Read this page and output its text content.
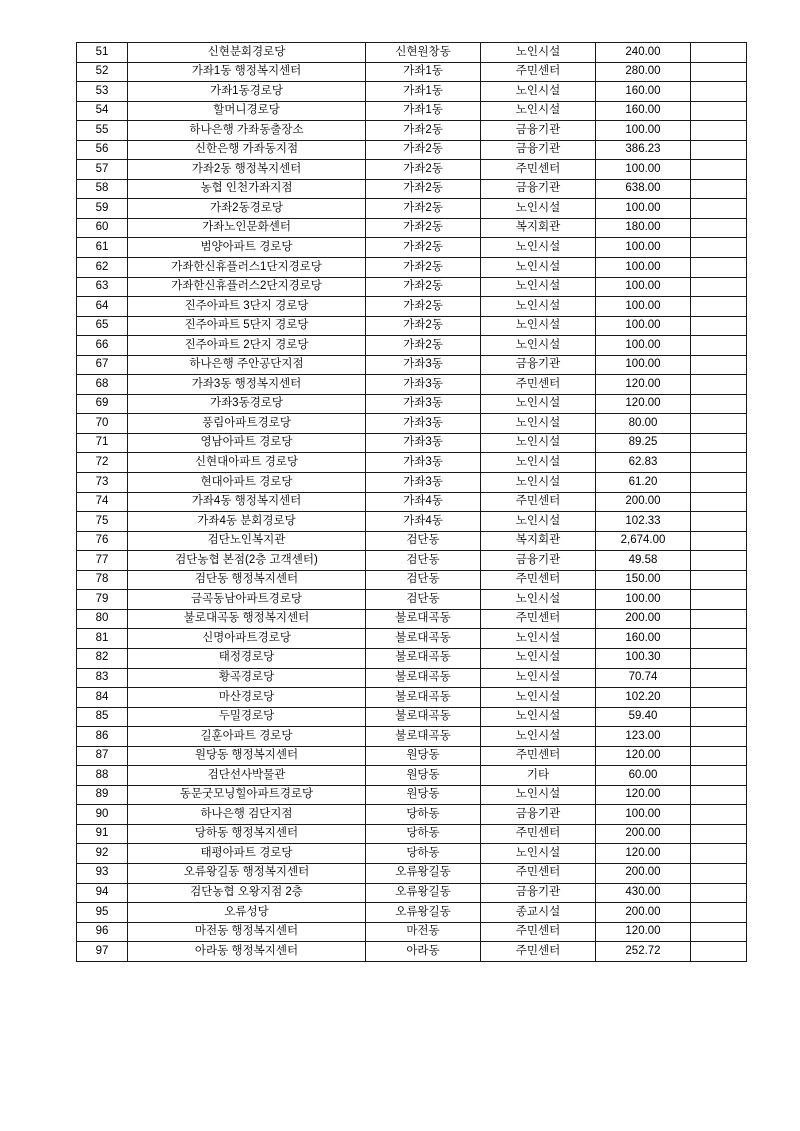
51	신현분회경로당	신현원창동	노인시설	240.00	
52	가좌1동 행정복지센터	가좌1동	주민센터	280.00	
53	가좌1동경로당	가좌1동	노인시설	160.00	
54	할머니경로당	가좌1동	노인시설	160.00	
55	하나은행 가좌동출장소	가좌2동	금융기관	100.00	
56	신한은행 가좌동지점	가좌2동	금융기관	386.23	
57	가좌2동 행정복지센터	가좌2동	주민센터	100.00	
58	농협 인천가좌지점	가좌2동	금융기관	638.00	
59	가좌2동경로당	가좌2동	노인시설	100.00	
60	가좌노인문화센터	가좌2동	복지회관	180.00	
61	범양아파트 경로당	가좌2동	노인시설	100.00	
62	가좌한신휴플러스1단지경로당	가좌2동	노인시설	100.00	
63	가좌한신휴플러스2단지경로당	가좌2동	노인시설	100.00	
64	진주아파트 3단지 경로당	가좌2동	노인시설	100.00	
65	진주아파트 5단지 경로당	가좌2동	노인시설	100.00	
66	진주아파트 2단지 경로당	가좌2동	노인시설	100.00	
67	하나은행 주안공단지점	가좌3동	금융기관	100.00	
68	가좌3동 행정복지센터	가좌3동	주민센터	120.00	
69	가좌3동경로당	가좌3동	노인시설	120.00	
70	풍림아파트경로당	가좌3동	노인시설	80.00	
71	영남아파트 경로당	가좌3동	노인시설	89.25	
72	신현대아파트 경로당	가좌3동	노인시설	62.83	
73	현대아파트 경로당	가좌3동	노인시설	61.20	
74	가좌4동 행정복지센터	가좌4동	주민센터	200.00	
75	가좌4동 분회경로당	가좌4동	노인시설	102.33	
76	검단노인복지관	검단동	복지회관	2,674.00	
77	검단농협 본점(2층 고객센터)	검단동	금융기관	49.58	
78	검단동 행정복지센터	검단동	주민센터	150.00	
79	금곡동남아파트경로당	검단동	노인시설	100.00	
80	불로대곡동 행정복지센터	불로대곡동	주민센터	200.00	
81	신명아파트경로당	불로대곡동	노인시설	160.00	
82	태정경로당	불로대곡동	노인시설	100.30	
83	황곡경로당	불로대곡동	노인시설	70.74	
84	마산경로당	불로대곡동	노인시설	102.20	
85	두밀경로당	불로대곡동	노인시설	59.40	
86	길훈아파트 경로당	불로대곡동	노인시설	123.00	
87	원당동 행정복지센터	원당동	주민센터	120.00	
88	검단선사박물관	원당동	기타	60.00	
89	동문굿모닝힐아파트경로당	원당동	노인시설	120.00	
90	하나은행 검단지점	당하동	금융기관	100.00	
91	당하동 행정복지센터	당하동	주민센터	200.00	
92	태평아파트 경로당	당하동	노인시설	120.00	
93	오류왕길동 행정복지센터	오류왕길동	주민센터	200.00	
94	검단농협 오왕지점 2층	오류왕길동	금융기관	430.00	
95	오류성당	오류왕길동	종교시설	200.00	
96	마전동 행정복지센터	마전동	주민센터	120.00	
97	아라동 행정복지센터	아라동	주민센터	252.72	
